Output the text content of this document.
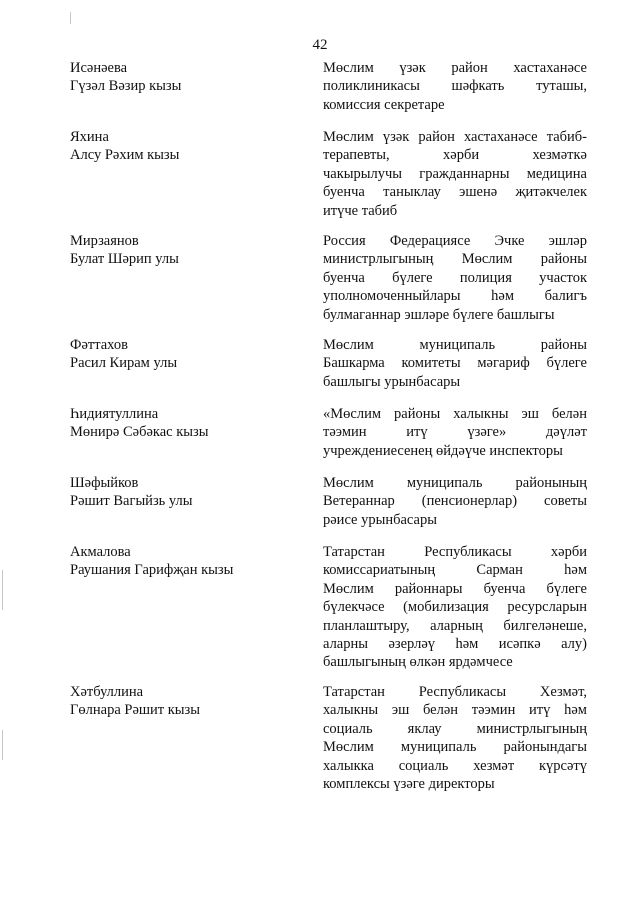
42
Исәнәева
Гүзәл Вәзир кызы
Мөслим үзәк район хастаханәсе
поликлиникасы шәфкать туташы,
комиссия секретаре
Яхина
Алсу Рәхим кызы
Мөслим үзәк район хастаханәсе табиб-
терапевты, хәрби хезмәткә
чакырылучы гражданнарны медицина
буенча таныклау эшенә җитәкчелек
итүче табиб
Мирзаянов
Булат Шәрип улы
Россия Федерациясе Эчке эшләр
министрлыгының Мөслим районы
буенча бүлеге полиция участок
уполномоченныйлары һәм балигъ
булмаганнар эшләре бүлеге башлыгы
Фәттахов
Расил Кирам улы
Мөслим муниципаль районы
Башкарма комитеты мәгариф бүлеге
башлыгы урынбасары
Һидиятуллина
Мөнирә Сәбәкас кызы
«Мөслим районы халыкны эш белән
тәэмин итү үзәге» дәүләт
учреждениесенең өйдәүче инспекторы
Шәфыйков
Рәшит Вагыйзь улы
Мөслим муниципаль районының
Ветераннар (пенсионерлар) советы
рәисе урынбасары
Акмалова
Раушания Гарифҗан кызы
Татарстан Республикасы хәрби
комиссариатының Сарман һәм
Мөслим районнары буенча бүлеге
бүлекчәсе (мобилизация ресурсларын
планлаштыру, аларның билгеләнеше,
аларны әзерләү һәм исәпкә алу)
башлыгының өлкән ярдәмчесе
Хәтбуллина
Гөлнара Рәшит кызы
Татарстан Республикасы Хезмәт,
халыкны эш белән тәэмин итү һәм
социаль яклау министрлыгының
Мөслим муниципаль районындагы
халыкка социаль хезмәт күрсәтү
комплексы үзәге директоры
